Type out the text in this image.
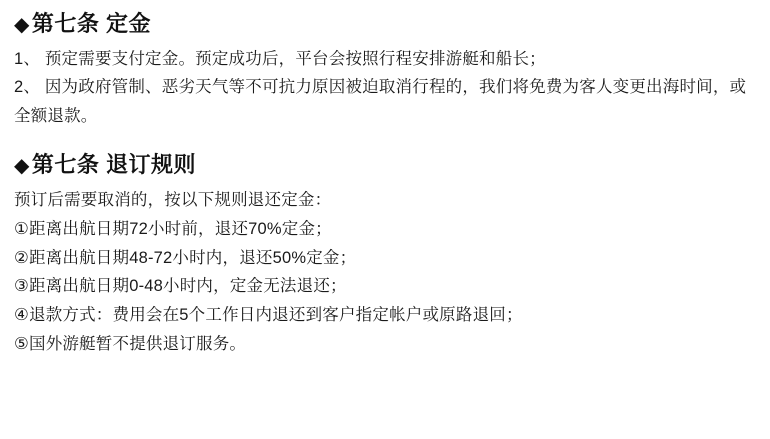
◆ 第七条 定金

1、 预定需要支付定金。预定成功后，平台会按照行程安排游艇和船长；

2、 因为政府管制、恶劣天气等不可抗力原因被迫取消行程的，我们将免费为客人变更出海时间，或全额退款。

◆ 第七条 退订规则

预订后需要取消的，按以下规则退还定金：

①距离出航日期72小时前，退还70%定金；

②距离出航日期48-72小时内，退还50%定金；

③距离出航日期0-48小时内，定金无法退还；

④退款方式：费用会在5个工作日内退还到客户指定帐户或原路退回；

⑤国外游艇暂不提供退订服务。
